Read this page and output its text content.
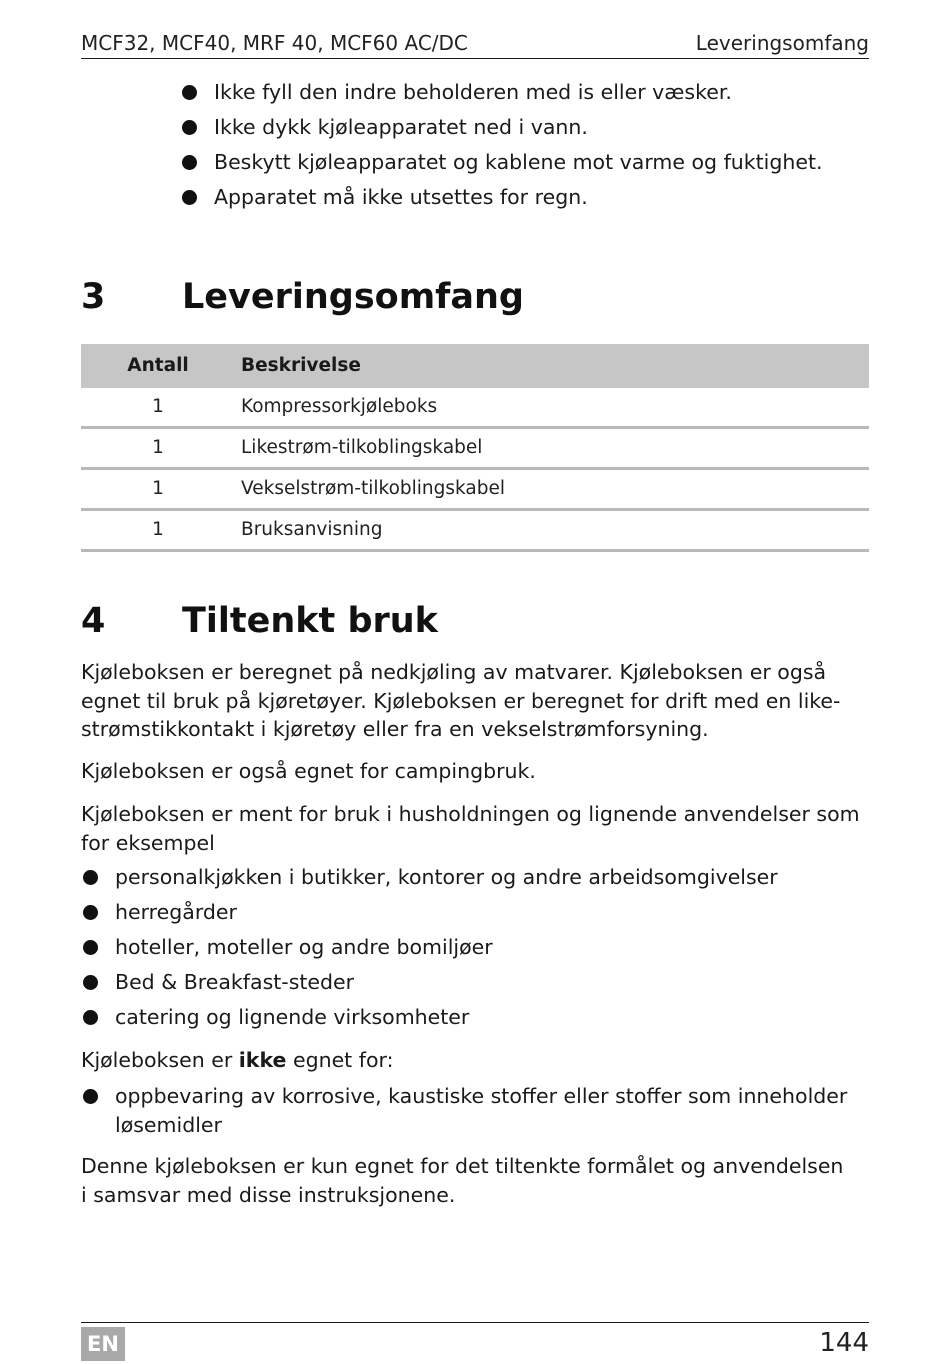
MCF32, MCF40, MRF 40, MCF60 AC/DC	Leveringsomfang
Ikke fyll den indre beholderen med is eller væsker.
Ikke dykk kjøleapparatet ned i vann.
Beskytt kjøleapparatet og kablene mot varme og fuktighet.
Apparatet må ikke utsettes for regn.
3 Leveringsomfang
Antall	Beskrivelse
1	Kompressorkjøleboks
1	Likestrøm-tilkoblingskabel
1	Vekselstrøm-tilkoblingskabel
1	Bruksanvisning
4 Tiltenkt bruk
Kjøleboksen er beregnet på nedkjøling av matvarer. Kjøleboksen er også
egnet til bruk på kjøretøyer. Kjøleboksen er beregnet for drift med en like-
strømstikkontakt i kjøretøy eller fra en vekselstrømforsyning.
Kjøleboksen er også egnet for campingbruk.
Kjøleboksen er ment for bruk i husholdningen og lignende anvendelser som
for eksempel
personalkjøkken i butikker, kontorer og andre arbeidsomgivelser
herregårder
hoteller, moteller og andre bomiljøer
Bed & Breakfast-steder
catering og lignende virksomheter
Kjøleboksen er ikke egnet for:
oppbevaring av korrosive, kaustiske stoffer eller stoffer som inneholder
løsemidler
Denne kjøleboksen er kun egnet for det tiltenkte formålet og anvendelsen
i samsvar med disse instruksjonene.
EN	144
